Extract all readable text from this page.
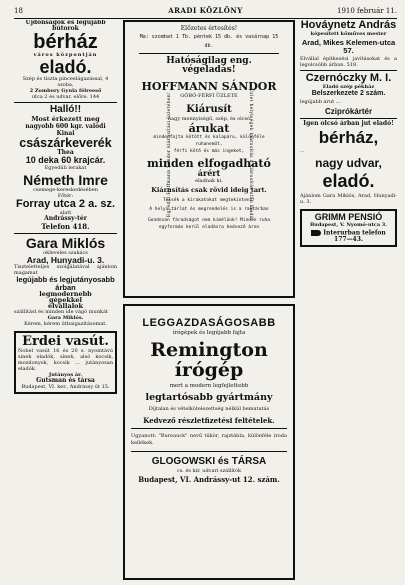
18	ARADI KÖZLÖNY	1910 február 11.
Ujdonságok és legújabb bútorok
bérház
város központján
eladó.
Szép és tiszta pinceelágazással, 4 szoba,
2 Zombory Gyula félreeső
utca 2 és udvar, előre. 144
Halló!!
Most érkezett meg
nagyobb 600 kgr. valódi
Kinai
császárkeverék
Thea
10 deka 60 krajcár.
Egyedüli lerakat
Németh Imre
csemege-kereskedésében
Főtér:
Forray utca 2 a. sz.
alatt
Andrássy-tér
Telefon 418.
Gara Miklós
okleveles szakács
Arad, Hunyadi-u. 3.
Tiszteletteljes szolgálatával ajánlom magamat
legújabb és legjutányosabb árban
legmodernebb
gépekkel
elvállalok
szállítást és minden ide vágó munkát
Gara Miklós.
Kérem, kérem útbaigazításomat.
Erdei vasút.
Nobel vasút 16 és 20 s. nyomtávú sinek eladók, sínek, alsó kocsik, mozdonyok, kocsik ... jutányosan eladók.
Jutányos ár.
Gutsman és társa
Budapest, VI. ker., Andrássy út 15.
Egyedül Hoffmann Sándor kiárusítási üzletében!	Üzlet helyiségek kiárusítás a kiárusítás után kiadó!
Előzetes értesítés!
Ma: szombat 1 Tb. péntek 15 db. és vasárnap 15 db.
Hatóságilag eng. végeladás!
HOFFMANN SÁNDOR
GÓBÓ-FÉRFI ÜZLETE
Kiárusít
nagy mennyiségű, szép, és olcsó
árukat
mindenfajta kötött és kalapáru, különféle ruhaneműt,
férfi kötő és más ingeket,
minden elfogadható
árért
eladnak ki.
Kiárusítás csak rövid ideig tart.
Tessék a kirakatokat megtekinteni!
A helyi tárlat és megrendelés is a raktárban
Gondosan fáradságot nem kímélünk! Minden ruha egyformán kerül eladásra kedvező áron
LEGGAZDASÁGOSABB
írógépek és legújabb fajta
Remington írógép
mert a modern legfejlettebb
legtartósabb gyártmány
Díjtalan és vételkötelezettség nélkül bemutatás
Kedvező részletfizetési feltételek.
Ugyanott: "Bureauck" nevű tükör, rajztábla, különféle iroda kellékek.
GLOGOWSKI és TÁRSA
cs. és kir. udvari szállítók
Budapest, VI. Andrássy-ut 12. szám.
Hováynetz András
képesített kőműves mester
Arad, Mikes Kelemen-utca 57.
Elvállal építkezési javításokat és a legolcsóbb árban. 518.
Czernóczky M. I.
Eladó szép pékház
Belszerkezete 2 szám.
legújabb árut ...
Cziprókártér
Igen olcsó árban jut eladó!
bérház,
...
nagy udvar,
eladó.
Ajánlom Gara Miklós, Arad, Hunyadi-u. 3.
GRIMM PENSIÓ
Budapest, V. Nyomó-utca 3.
Interurban telefon 177—43.
